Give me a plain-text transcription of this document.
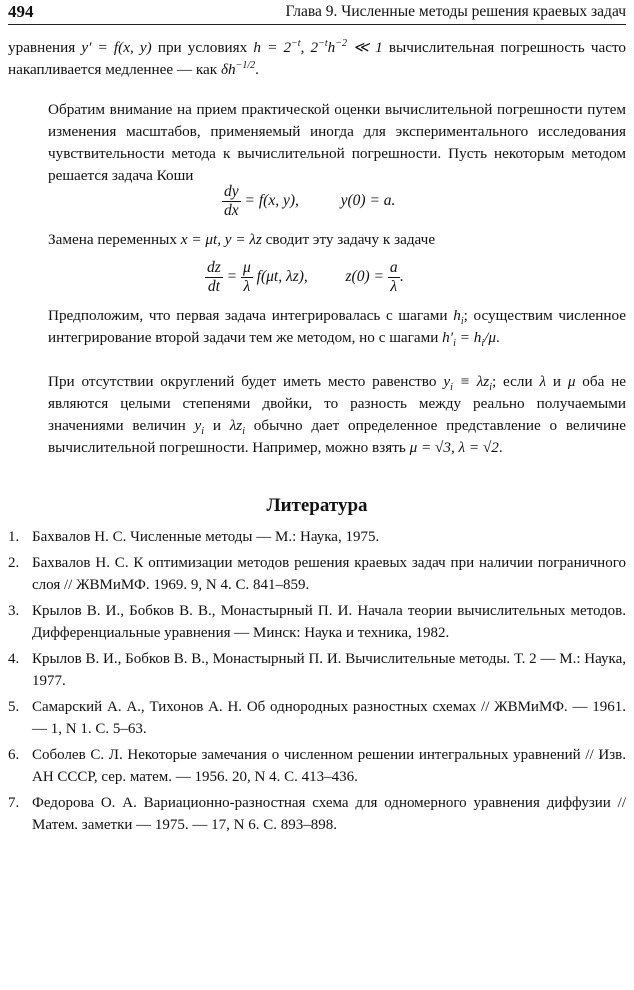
494	Глава 9. Численные методы решения краевых задач
уравнения y′ = f(x, y) при условиях $h = 2^{-t}$, $2^{-t}h^{-2}$ ≪ 1 вычислительная погрешность часто накапливается медленнее — как $\delta h^{-1/2}$.
Обратим внимание на прием практической оценки вычислительной погрешности путем изменения масштабов, применяемый иногда для экспериментального исследования чувствительности метода к вычислительной погрешности. Пусть некоторым методом решается задача Коши
$\frac{dy}{dx} = f(x$, y),	y(0) = a.
Замена переменных x = μt, y = λz сводит эту задачу к задаче
$\frac{dz}{dt} = \frac{\mu}{\lambda} f(\mu t$, λz), $z(0) = \frac{a}{\lambda}$ .
Предположим, что первая задача интегрировалась с шагами $h_i$; осуществим численное интегрирование второй задачи тем же методом, но с шагами $h'_i = h_i/\mu$.
При отсутствии округлений будет иметь место равенство $y_i \equiv \lambda z_i$; если λ и μ оба не являются целыми степенями двойки, то разность между реально получаемыми значениями величин $y_i$ и $\lambda z_i$ обычно дает определенное представление о величине вычислительной погрешности. Например, можно взять μ = √3, λ = √2.
Литература
1. Бахвалов Н. С. Численные методы — М.: Наука, 1975.
2. Бахвалов Н. С. К оптимизации методов решения краевых задач при наличии пограничного слоя // ЖВМиМФ. 1969. 9, N 4. С. 841–859.
3. Крылов В. И., Бобков В. В., Монастырный П. И. Начала теории вычислительных методов. Дифференциальные уравнения — Минск: Наука и техника, 1982.
4. Крылов В. И., Бобков В. В., Монастырный П. И. Вычислительные методы. Т. 2 — М.: Наука, 1977.
5. Самарский А. А., Тихонов А. Н. Об однородных разностных схемах // ЖВМиМФ. — 1961. — 1, N 1. С. 5–63.
6. Соболев С. Л. Некоторые замечания о численном решении интегральных уравнений // Изв. АН СССР, сер. матем. — 1956. 20, N 4. С. 413–436.
7. Федорова О. А. Вариационно-разностная схема для одномерного уравнения диффузии // Матем. заметки — 1975. — 17, N 6. С. 893–898.
